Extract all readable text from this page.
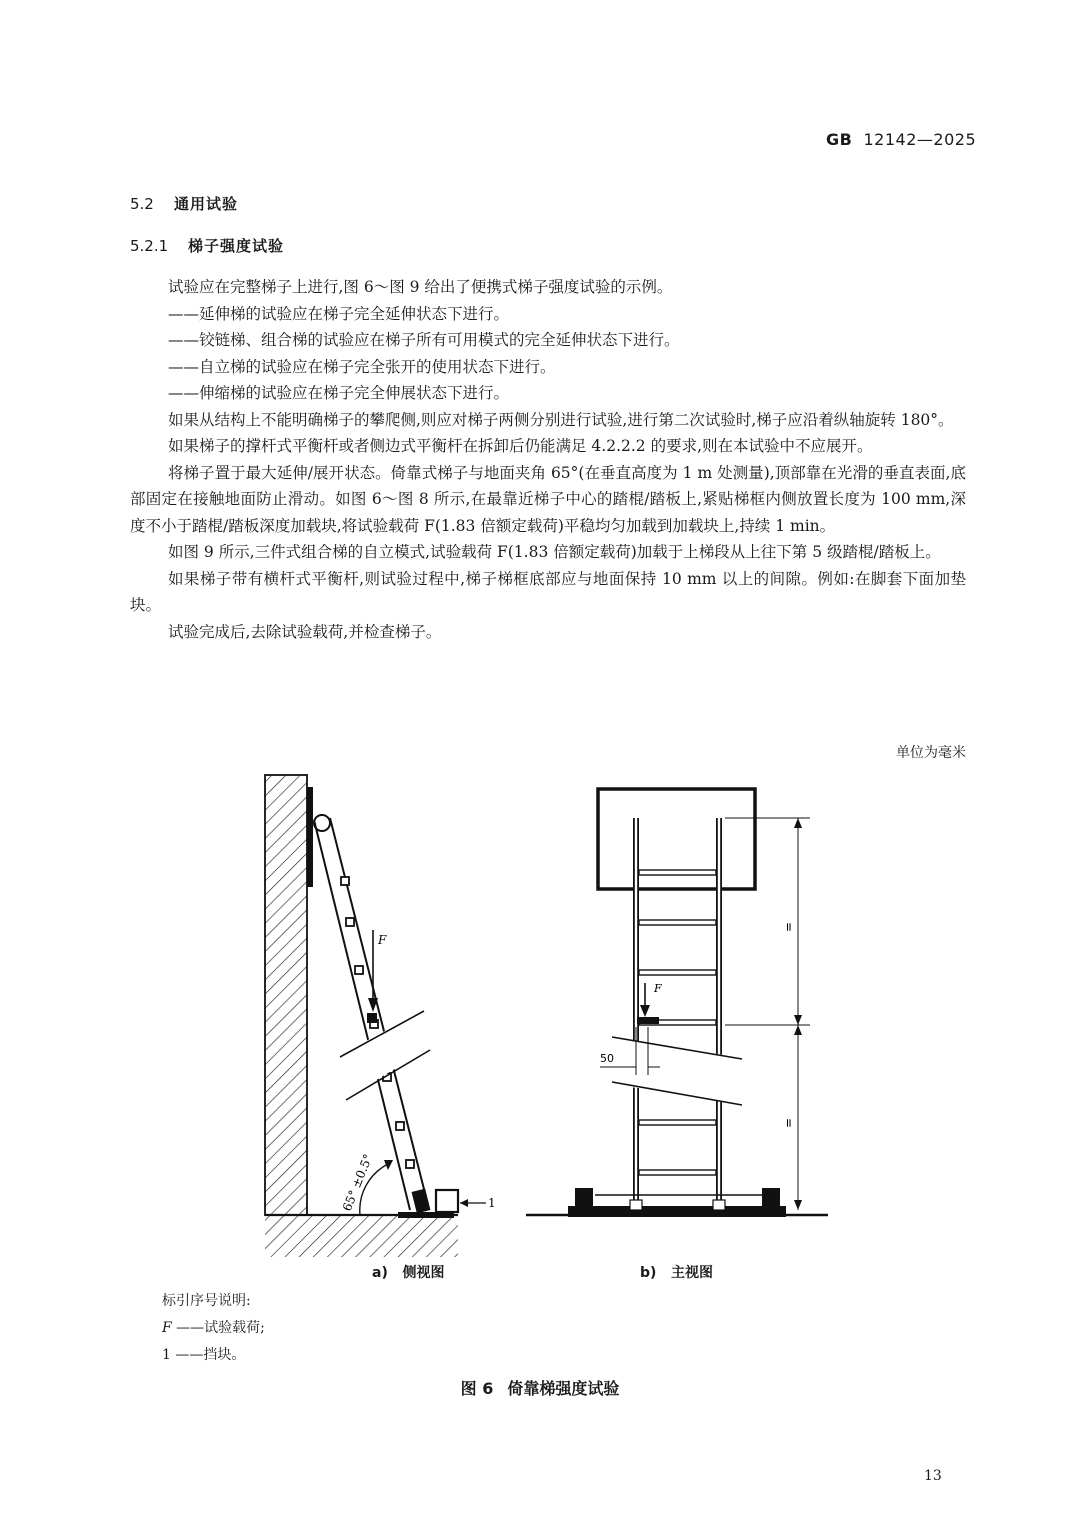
GB 12142—2025
5.2 通用试验
5.2.1 梯子强度试验

试验应在完整梯子上进行,图 6～图 9 给出了便携式梯子强度试验的示例。

——延伸梯的试验应在梯子完全延伸状态下进行。

——铰链梯、组合梯的试验应在梯子所有可用模式的完全延伸状态下进行。

——自立梯的试验应在梯子完全张开的使用状态下进行。

——伸缩梯的试验应在梯子完全伸展状态下进行。

如果从结构上不能明确梯子的攀爬侧,则应对梯子两侧分别进行试验,进行第二次试验时,梯子应沿着纵轴旋转 180°。

如果梯子的撑杆式平衡杆或者侧边式平衡杆在拆卸后仍能满足 4.2.2.2 的要求,则在本试验中不应展开。

将梯子置于最大延伸/展开状态。倚靠式梯子与地面夹角 65°(在垂直高度为 1 m 处测量),顶部靠在光滑的垂直表面,底部固定在接触地面防止滑动。如图 6～图 8 所示,在最靠近梯子中心的踏棍/踏板上,紧贴梯框内侧放置长度为 100 mm,深度不小于踏棍/踏板深度加载块,将试验载荷 F(1.83 倍额定载荷)平稳均匀加载到加载块上,持续 1 min。

如图 9 所示,三件式组合梯的自立模式,试验载荷 F(1.83 倍额定载荷)加载于上梯段从上往下第 5 级踏棍/踏板上。

如果梯子带有横杆式平衡杆,则试验过程中,梯子梯框底部应与地面保持 10 mm 以上的间隙。例如:在脚套下面加垫块。

试验完成后,去除试验载荷,并检查梯子。

单位为毫米
F
65° ±0.5°	1
F
50
=
=
a) 侧视图	b) 主视图
标引序号说明:
F ——试验载荷;
1 ——挡块。
图 6 倚靠梯强度试验
13
